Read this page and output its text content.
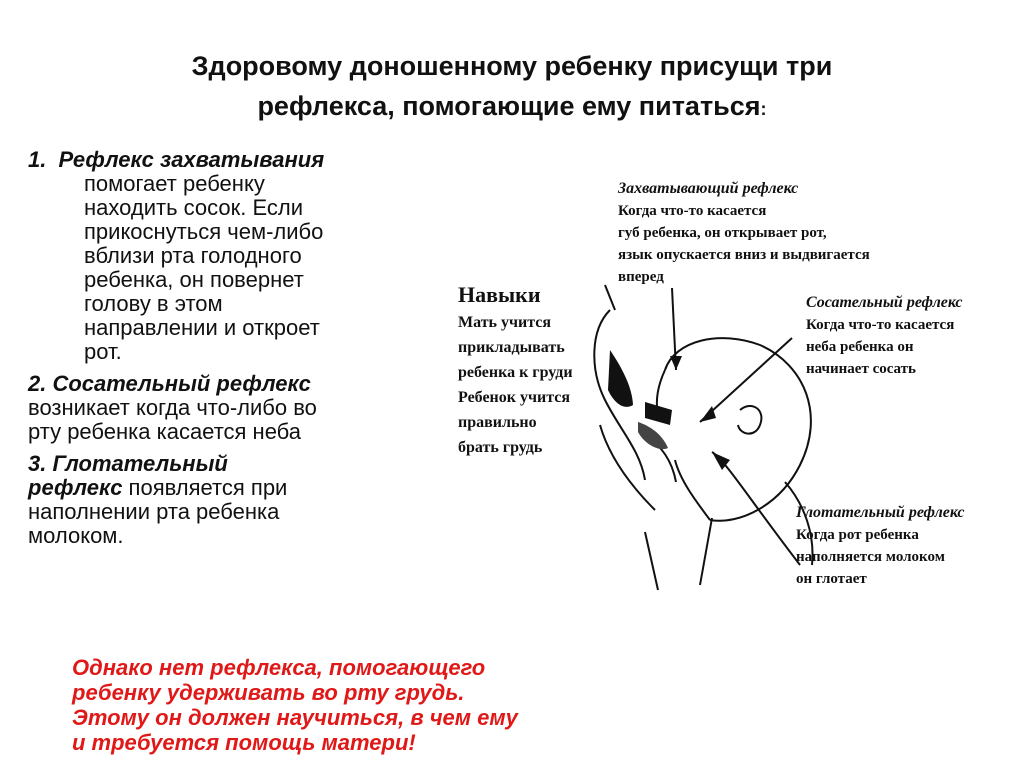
Здоровому доношенному ребенку присущи три
рефлекса, помогающие ему питаться:
1. Рефлекс захватывания
помогает ребенку
находить сосок. Если
прикоснуться чем-либо
вблизи рта голодного
ребенка, он повернет
голову в этом
направлении и откроет
рот.
2. Сосательный рефлекс
возникает когда что-либо во
рту ребенка касается неба
3. Глотательный
рефлекс появляется при
наполнении рта ребенка
молоком.
Захватывающий рефлекс
Когда что-то касается
губ ребенка, он открывает рот,
язык опускается вниз и выдвигается
вперед
Навыки
Мать учится
прикладывать
ребенка к груди
Ребенок учится
правильно
брать грудь
Сосательный рефлекс
Когда что-то касается
неба ребенка он
начинает сосать
Глотательный рефлекс
Когда рот ребенка
наполняется молоком
он глотает
Однако нет рефлекса, помогающего
ребенку удерживать во рту грудь.
Этому он должен научиться, в чем ему
и требуется помощь матери!
